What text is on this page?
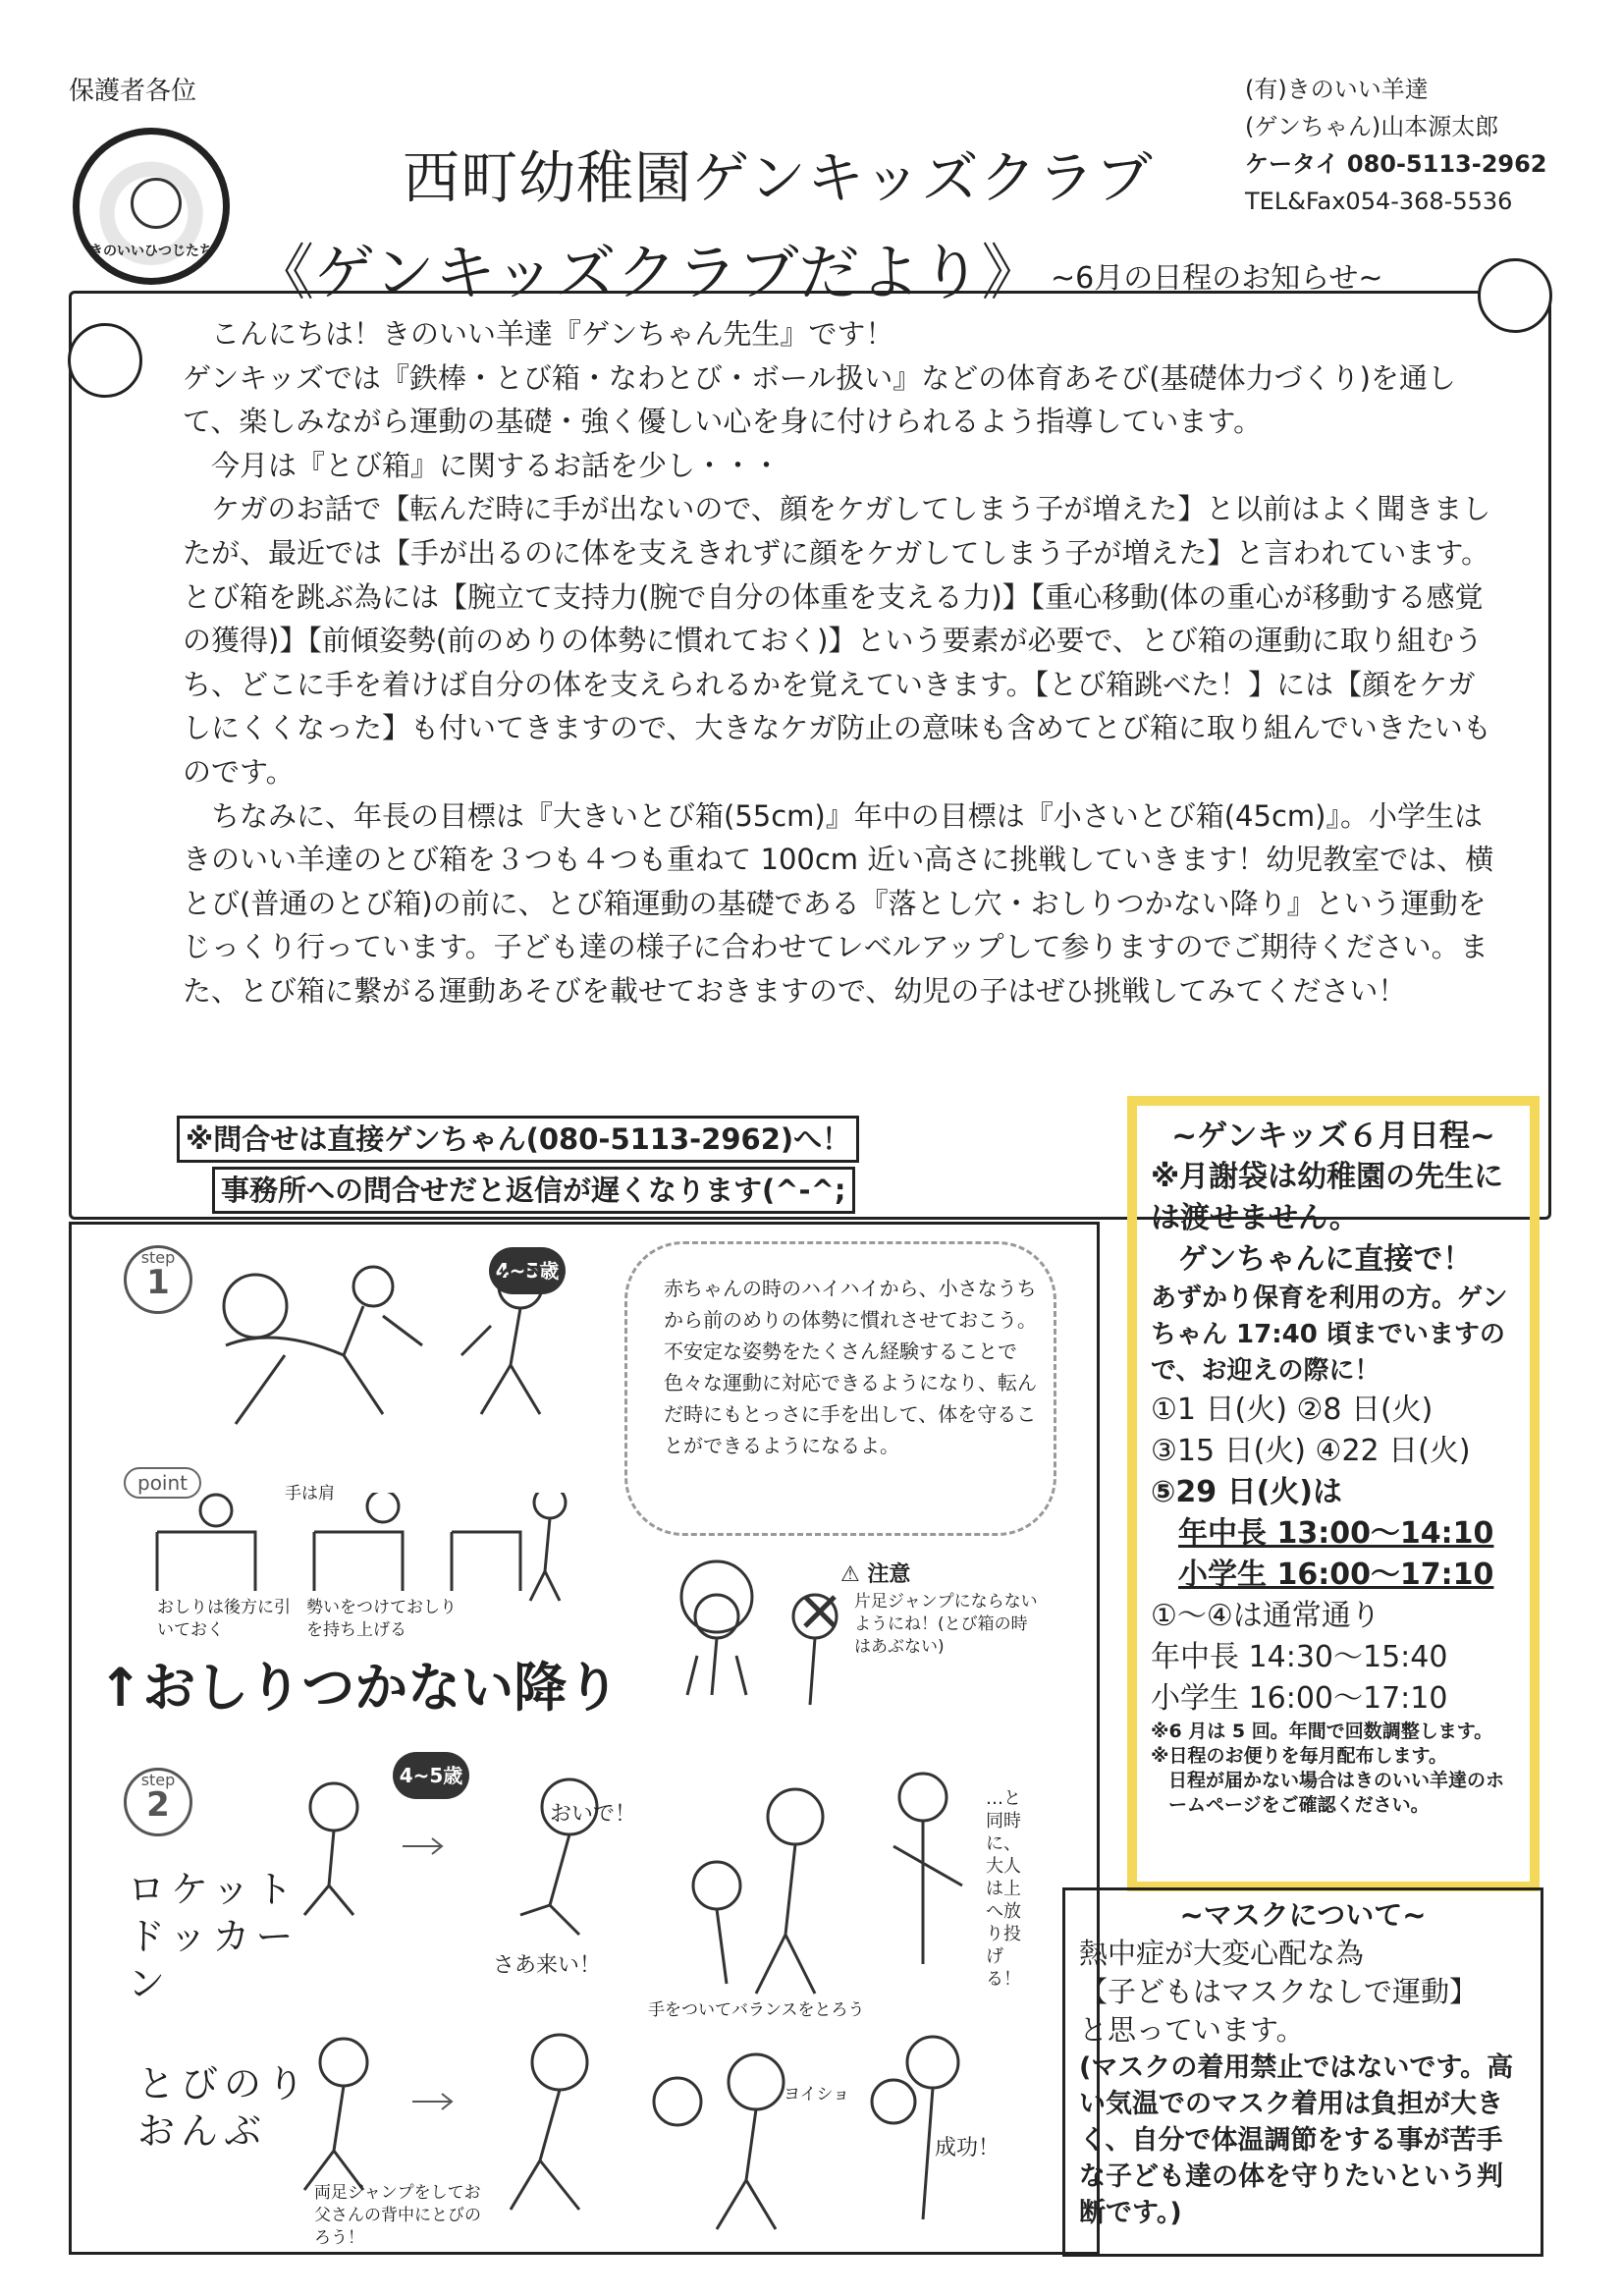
保護者各位
きのいいひつじたち
西町幼稚園ゲンキッズクラブ
(有)きのいい羊達
(ゲンちゃん)山本源太郎
ケータイ 080-5113-2962
TEL&Fax054-368-5536
《ゲンキッズクラブだより》 ~6月の日程のお知らせ~

こんにちは！きのいい羊達『ゲンちゃん先生』です！

ゲンキッズでは『鉄棒・とび箱・なわとび・ボール扱い』などの体育あそび(基礎体力づくり)を通して、楽しみながら運動の基礎・強く優しい心を身に付けられるよう指導しています。

今月は『とび箱』に関するお話を少し・・・

ケガのお話で【転んだ時に手が出ないので、顔をケガしてしまう子が増えた】と以前はよく聞きましたが、最近では【手が出るのに体を支えきれずに顔をケガしてしまう子が増えた】と言われています。とび箱を跳ぶ為には【腕立て支持力(腕で自分の体重を支える力)】【重心移動(体の重心が移動する感覚の獲得)】【前傾姿勢(前のめりの体勢に慣れておく)】という要素が必要で、とび箱の運動に取り組むうち、どこに手を着けば自分の体を支えられるかを覚えていきます。【とび箱跳べた！】には【顔をケガしにくくなった】も付いてきますので、大きなケガ防止の意味も含めてとび箱に取り組んでいきたいものです。

ちなみに、年長の目標は『大きいとび箱(55cm)』年中の目標は『小さいとび箱(45cm)』。小学生はきのいい羊達のとび箱を３つも４つも重ねて 100cm 近い高さに挑戦していきます！幼児教室では、横とび(普通のとび箱)の前に、とび箱運動の基礎である『落とし穴・おしりつかない降り』という運動をじっくり行っています。子ども達の様子に合わせてレベルアップして参りますのでご期待ください。また、とび箱に繋がる運動あそびを載せておきますので、幼児の子はぜひ挑戦してみてください！

※問合せは直接ゲンちゃん(080-5113-2962)へ！
事務所への問合せだと返信が遅くなります(^-^;
step
1	4~5歳
赤ちゃんの時のハイハイから、小さなうちから前のめりの体勢に慣れさせておこう。不安定な姿勢をたくさん経験することで色々な運動に対応できるようになり、転んだ時にもとっさに手を出して、体を守ることができるようになるよ。
point	手は肩
おしりは後方に引いておく
勢いをつけておしりを持ち上げる
↑おしりつかない降り
⚠ 注意
片足ジャンプにならないようにね！(とび箱の時はあぶない)
step
2
4~5歳
ロケットドッカーン
おいで！
…と同時に、大人は上へ放り投げる！
とびのりおんぶ
さあ来い！
手をついてバランスをとろう
ヨイショ
成功！
両足ジャンプをしてお父さんの背中にとびのろう！
~ゲンキッズ６月日程~
※月謝袋は幼稚園の先生には渡せません。
ゲンちゃんに直接で！
あずかり保育を利用の方。ゲンちゃん 17:40 頃までいますので、お迎えの際に！
①1 日(火) ②8 日(火)
③15 日(火) ④22 日(火)
⑤29 日(火)は
年中長 13:00～14:10
小学生 16:00～17:10
①～④は通常通り
年中長 14:30～15:40
小学生 16:00～17:10
※6 月は 5 回。年間で回数調整します。
※日程のお便りを毎月配布します。
日程が届かない場合はきのいい羊達のホームページをご確認ください。
~マスクについて~
熱中症が大変心配な為
【子どもはマスクなしで運動】
と思っています。
(マスクの着用禁止ではないです。高い気温でのマスク着用は負担が大きく、自分で体温調節をする事が苦手な子ども達の体を守りたいという判断です。)
